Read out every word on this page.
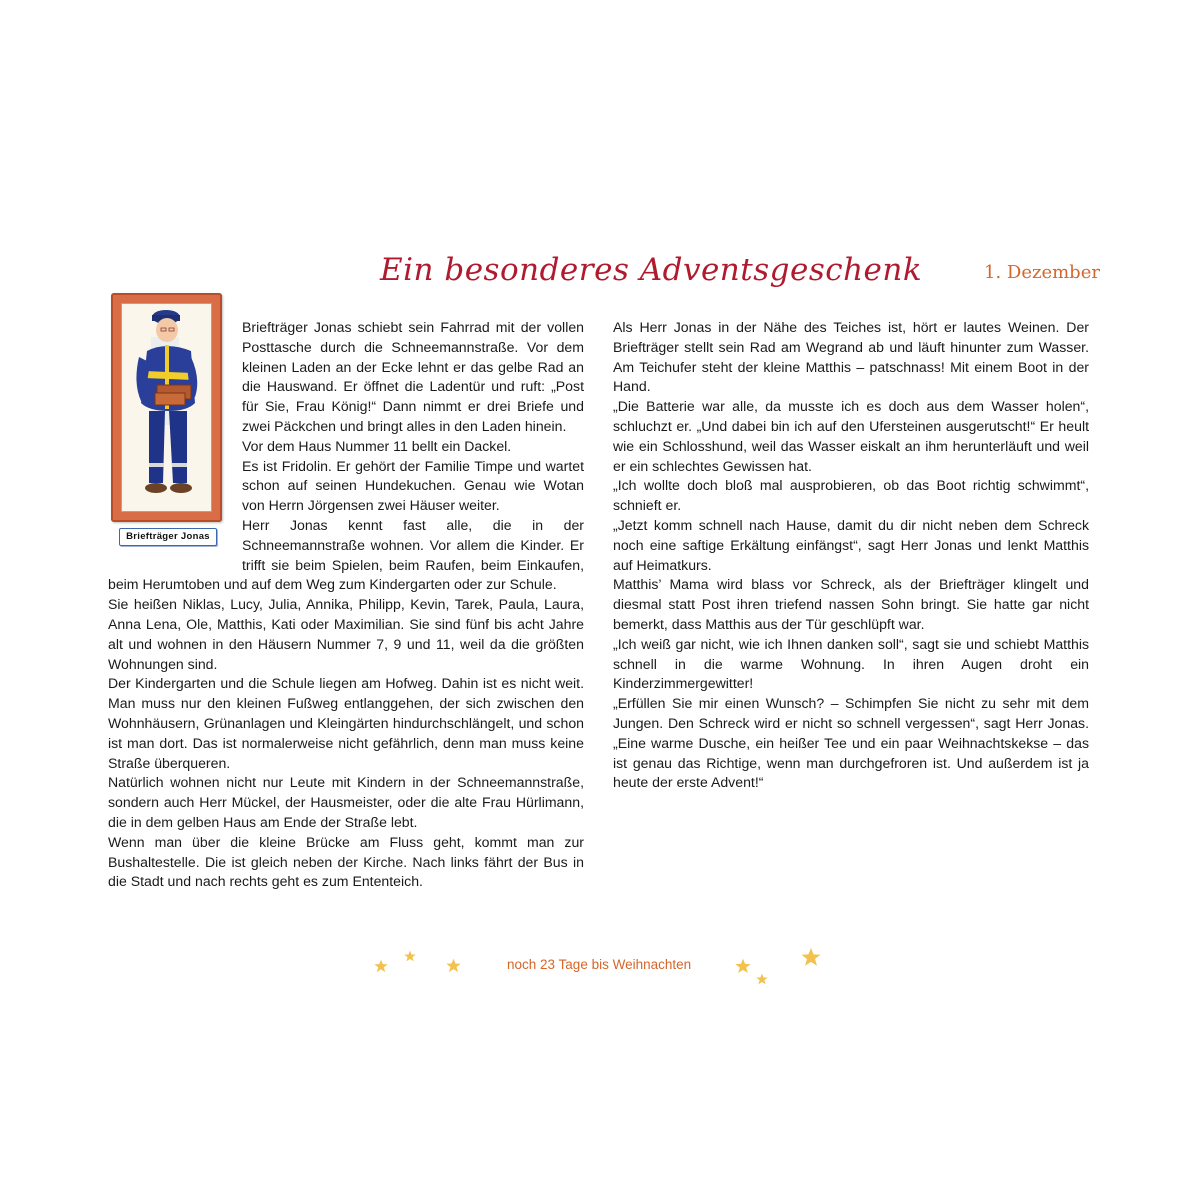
Ein besonderes Adventsgeschenk	1. Dezember
Briefträger Jonas

Briefträger Jonas schiebt sein Fahrrad mit der vollen Posttasche durch die Schneemannstraße. Vor dem kleinen Laden an der Ecke lehnt er das gelbe Rad an die Hauswand. Er öffnet die Ladentür und ruft: „Post für Sie, Frau König!“ Dann nimmt er drei Briefe und zwei Päckchen und bringt alles in den Laden hinein.

Vor dem Haus Nummer 11 bellt ein Dackel.

Es ist Fridolin. Er gehört der Familie Timpe und wartet schon auf seinen Hundekuchen. Genau wie Wotan von Herrn Jörgensen zwei Häuser weiter.

Herr Jonas kennt fast alle, die in der Schneemannstraße wohnen. Vor allem die Kinder. Er trifft sie beim Spielen, beim Raufen, beim Einkaufen, beim Herumtoben und auf dem Weg zum Kindergarten oder zur Schule.

Sie heißen Niklas, Lucy, Julia, Annika, Philipp, Kevin, Tarek, Paula, Laura, Anna Lena, Ole, Matthis, Kati oder Maximilian. Sie sind fünf bis acht Jahre alt und wohnen in den Häusern Nummer 7, 9 und 11, weil da die größten Wohnungen sind.

Der Kindergarten und die Schule liegen am Hofweg. Dahin ist es nicht weit. Man muss nur den kleinen Fußweg entlanggehen, der sich zwischen den Wohnhäusern, Grünanlagen und Kleingärten hindurchschlängelt, und schon ist man dort. Das ist normalerweise nicht gefährlich, denn man muss keine Straße überqueren.

Natürlich wohnen nicht nur Leute mit Kindern in der Schneemannstraße, sondern auch Herr Mückel, der Hausmeister, oder die alte Frau Hürlimann, die in dem gelben Haus am Ende der Straße lebt.

Wenn man über die kleine Brücke am Fluss geht, kommt man zur Bushaltestelle. Die ist gleich neben der Kirche. Nach links fährt der Bus in die Stadt und nach rechts geht es zum Ententeich.

Als Herr Jonas in der Nähe des Teiches ist, hört er lautes Weinen. Der Briefträger stellt sein Rad am Wegrand ab und läuft hinunter zum Wasser. Am Teichufer steht der kleine Matthis – patschnass! Mit einem Boot in der Hand.

„Die Batterie war alle, da musste ich es doch aus dem Wasser holen“, schluchzt er. „Und dabei bin ich auf den Ufersteinen ausgerutscht!“ Er heult wie ein Schlosshund, weil das Wasser eiskalt an ihm herunterläuft und weil er ein schlechtes Gewissen hat.

„Ich wollte doch bloß mal ausprobieren, ob das Boot richtig schwimmt“, schnieft er.

„Jetzt komm schnell nach Hause, damit du dir nicht neben dem Schreck noch eine saftige Erkältung einfängst“, sagt Herr Jonas und lenkt Matthis auf Heimatkurs.

Matthis’ Mama wird blass vor Schreck, als der Briefträger klingelt und diesmal statt Post ihren triefend nassen Sohn bringt. Sie hatte gar nicht bemerkt, dass Matthis aus der Tür geschlüpft war.

„Ich weiß gar nicht, wie ich Ihnen danken soll“, sagt sie und schiebt Matthis schnell in die warme Wohnung. In ihren Augen droht ein Kinderzimmergewitter!

„Erfüllen Sie mir einen Wunsch? – Schimpfen Sie nicht zu sehr mit dem Jungen. Den Schreck wird er nicht so schnell vergessen“, sagt Herr Jonas. „Eine warme Dusche, ein heißer Tee und ein paar Weihnachtskekse – das ist genau das Richtige, wenn man durchgefroren ist. Und außerdem ist ja heute der erste Advent!“

noch 23 Tage bis Weihnachten
